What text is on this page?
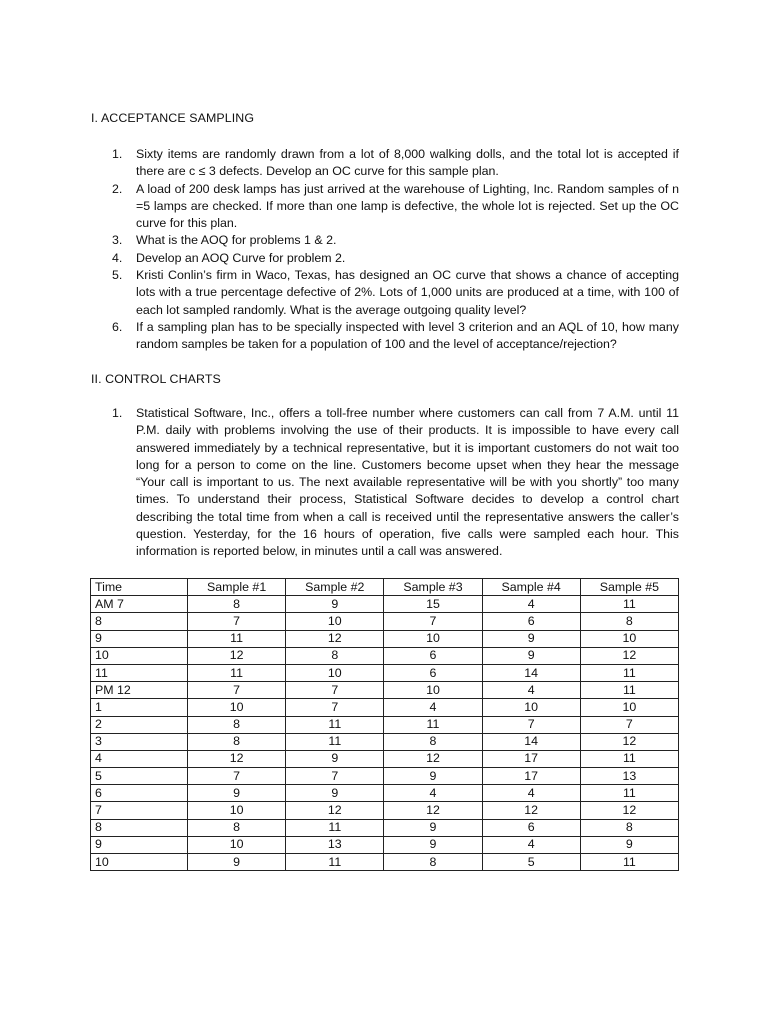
I. ACCEPTANCE SAMPLING
1. Sixty items are randomly drawn from a lot of 8,000 walking dolls, and the total lot is accepted if there are c ≤ 3 defects. Develop an OC curve for this sample plan.
2. A load of 200 desk lamps has just arrived at the warehouse of Lighting, Inc. Random samples of n =5 lamps are checked. If more than one lamp is defective, the whole lot is rejected. Set up the OC curve for this plan.
3. What is the AOQ for problems 1 & 2.
4. Develop an AOQ Curve for problem 2.
5. Kristi Conlin’s firm in Waco, Texas, has designed an OC curve that shows a chance of accepting lots with a true percentage defective of 2%. Lots of 1,000 units are produced at a time, with 100 of each lot sampled randomly. What is the average outgoing quality level?
6. If a sampling plan has to be specially inspected with level 3 criterion and an AQL of 10, how many random samples be taken for a population of 100 and the level of acceptance/rejection?
II. CONTROL CHARTS
1. Statistical Software, Inc., offers a toll-free number where customers can call from 7 A.M. until 11 P.M. daily with problems involving the use of their products. It is impossible to have every call answered immediately by a technical representative, but it is important customers do not wait too long for a person to come on the line. Customers become upset when they hear the message “Your call is important to us. The next available representative will be with you shortly” too many times. To understand their process, Statistical Software decides to develop a control chart describing the total time from when a call is received until the representative answers the caller’s question. Yesterday, for the 16 hours of operation, five calls were sampled each hour. This information is reported below, in minutes until a call was answered.
Time	Sample #1	Sample #2	Sample #3	Sample #4	Sample #5
AM 7	8	9	15	4	11
8	7	10	7	6	8
9	11	12	10	9	10
10	12	8	6	9	12
11	11	10	6	14	11
PM 12	7	7	10	4	11
1	10	7	4	10	10
2	8	11	11	7	7
3	8	11	8	14	12
4	12	9	12	17	11
5	7	7	9	17	13
6	9	9	4	4	11
7	10	12	12	12	12
8	8	11	9	6	8
9	10	13	9	4	9
10	9	11	8	5	11
